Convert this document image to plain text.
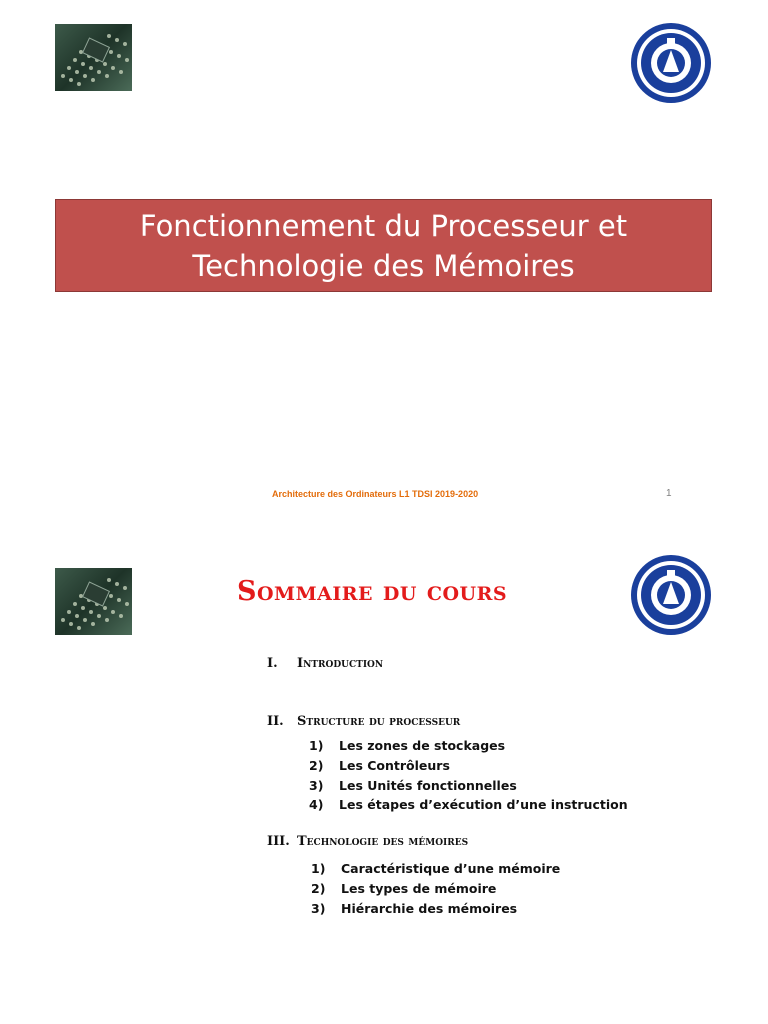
Fonctionnement du Processeur et
Technologie des Mémoires
Architecture des Ordinateurs L1 TDSI 2019-2020	1
Sommaire du cours
I. Introduction
II. Structure du processeur
1) Les zones de stockages
2) Les Contrôleurs
3) Les Unités fonctionnelles
4) Les étapes d’exécution d’une instruction
III. Technologie des mémoires
1) Caractéristique d’une mémoire
2) Les types de mémoire
3) Hiérarchie des mémoires
